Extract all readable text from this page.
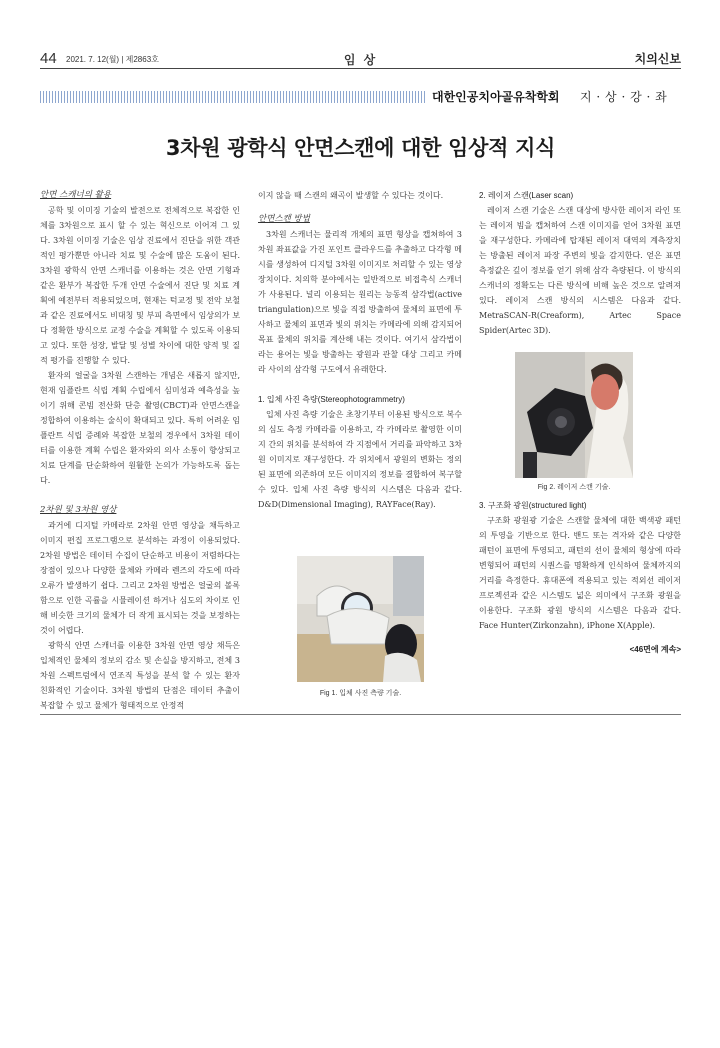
44 2021. 7. 12(월) | 제2863호	임 상	치의신보
대한인공치아골유착학회 지 · 상 · 강 · 좌
3차원 광학식 안면스캔에 대한 임상적 지식

안면 스캐너의 활용

공학 및 이미징 기술의 발전으로 전체적으로 복잡한 인체를 3차원으로 표시 할 수 있는 혁신으로 이어져 그 있다. 3차원 이미징 기술은 임상 진료에서 진단을 위한 객관적인 평가뿐만 아니라 치료 및 수술에 많은 도움이 된다. 3차원 광학식 안면 스캐너를 이용하는 것은 안면 기형과 같은 환부가 복잡한 두개 안면 수술에서 진단 및 치료 계획에 예전부터 적용되었으며, 현재는 턱교정 및 전악 보철과 같은 진료에서도 비대칭 및 부피 측면에서 임상의가 보다 정확한 방식으로 교정 수술을 계획할 수 있도록 이용되고 있다. 또한 성장, 발달 및 성별 차이에 대한 양적 및 질적 평가를 진행할 수 있다.

환자의 얼굴을 3차원 스캔하는 개념은 새롭지 않지만, 현재 임플란트 식립 계획 수립에서 심미성과 예측성을 높이기 위해 콘빔 전산화 단층 촬영(CBCT)과 안면스캔을 정합하여 이용하는 술식이 확대되고 있다. 특히 어려운 임플란트 식립 증례와 복잡한 보철의 경우에서 3차원 데이터를 이용한 계획 수립은 환자와의 의사 소통이 향상되고 치료 단계를 단순화하여 원활한 논의가 가능하도록 돕는다.

2차원 및 3차원 영상

과거에 디지털 카메라로 2차원 안면 영상을 채득하고 이미지 편집 프로그램으로 분석하는 과정이 이용되었다. 2차원 방법은 데이터 수집이 단순하고 비용이 저렴하다는 장점이 있으나 다양한 물체와 카메라 렌즈의 각도에 따라 오류가 발생하기 쉽다. 그리고 2차원 방법은 얼굴의 볼록함으로 인한 곡률을 시뮬레이션 하거나 심도의 차이로 인해 비슷한 크기의 물체가 더 작게 표시되는 것을 보정하는 것이 어렵다.

광학식 안면 스캐너를 이용한 3차원 안면 영상 채득은 입체적인 물체의 정보의 감소 및 손실을 방지하고, 전체 3차원 스펙트럼에서 연조직 특성을 분석 할 수 있는 환자 친화적인 기술이다. 3차원 방법의 단점은 데이터 추출이 복잡할 수 있고 물체가 형태적으로 안정적

이지 않을 때 스캔의 왜곡이 발생할 수 있다는 것이다.

안면스캔 방법

3차원 스캐너는 물리적 개체의 표면 형상을 캡쳐하여 3차원 좌표값을 가진 포인트 클라우드를 추출하고 다각형 메시를 생성하여 디지털 3차원 이미지로 처리할 수 있는 영상 장치이다. 치의학 분야에서는 일반적으로 비접촉식 스캐너가 사용된다. 널리 이용되는 원리는 능동적 삼각법(active triangulation)으로 빛을 직접 방출하여 물체의 표면에 투사하고 물체의 표면과 빛의 위치는 카메라에 의해 감지되어 목표 물체의 위치를 계산해 내는 것이다. 여기서 삼각법이라는 용어는 빛을 방출하는 광원과 관찰 대상 그리고 카메라 사이의 삼각형 구도에서 유래한다.

1. 입체 사진 측량(Stereophotogrammetry)

입체 사진 측량 기술은 초창기부터 이용된 방식으로 복수의 심도 측정 카메라를 이용하고, 각 카메라로 촬영한 이미지 간의 위치를 분석하여 각 지점에서 거리를 파악하고 3차원 이미지로 재구성한다. 각 위치에서 광원의 변화는 정의된 표면에 의존하며 모든 이미지의 정보를 결합하여 복구할 수 있다. 입체 사진 측량 방식의 시스템은 다음과 같다. D&D(Dimensional Imaging), RAYFace(Ray).

Fig 1. 입체 사진 측량 기술.

2. 레이저 스캔(Laser scan)

레이저 스캔 기술은 스캔 대상에 방사한 레이저 라인 또는 레이저 빔을 캡쳐하여 스캔 이미지를 얻어 3차원 표면을 재구성한다. 카메라에 탑재된 레이저 대역의 계측장치는 방출된 레이저 파장 주변의 빛을 감지한다. 얻은 표면 측정값은 깊이 정보를 얻기 위해 삼각 측량된다. 이 방식의 스캐너의 정확도는 다른 방식에 비해 높은 것으로 알려져 있다. 레이저 스캔 방식의 시스템은 다음과 같다. MetraSCAN-R(Creaform), Artec Space Spider(Artec 3D).

3. 구조화 광원(structured light)

구조화 광원광 기술은 스캔할 물체에 대한 백색광 패턴의 투영을 기반으로 한다. 밴드 또는 격자와 같은 다양한 패턴이 표면에 투영되고, 패턴의 선이 물체의 형상에 따라 변형되어 패턴의 시퀀스를 명확하게 인식하여 물체까지의 거리를 측정한다. 휴대폰에 적용되고 있는 적외선 레이저 프로젝션과 같은 시스템도 넓은 의미에서 구조화 광원을 이용한다. 구조화 광원 방식의 시스템은 다음과 같다. Face Hunter(Zirkonzahn), iPhone X(Apple).

<46면에 계속>

Fig 2. 레이저 스캔 기술.
